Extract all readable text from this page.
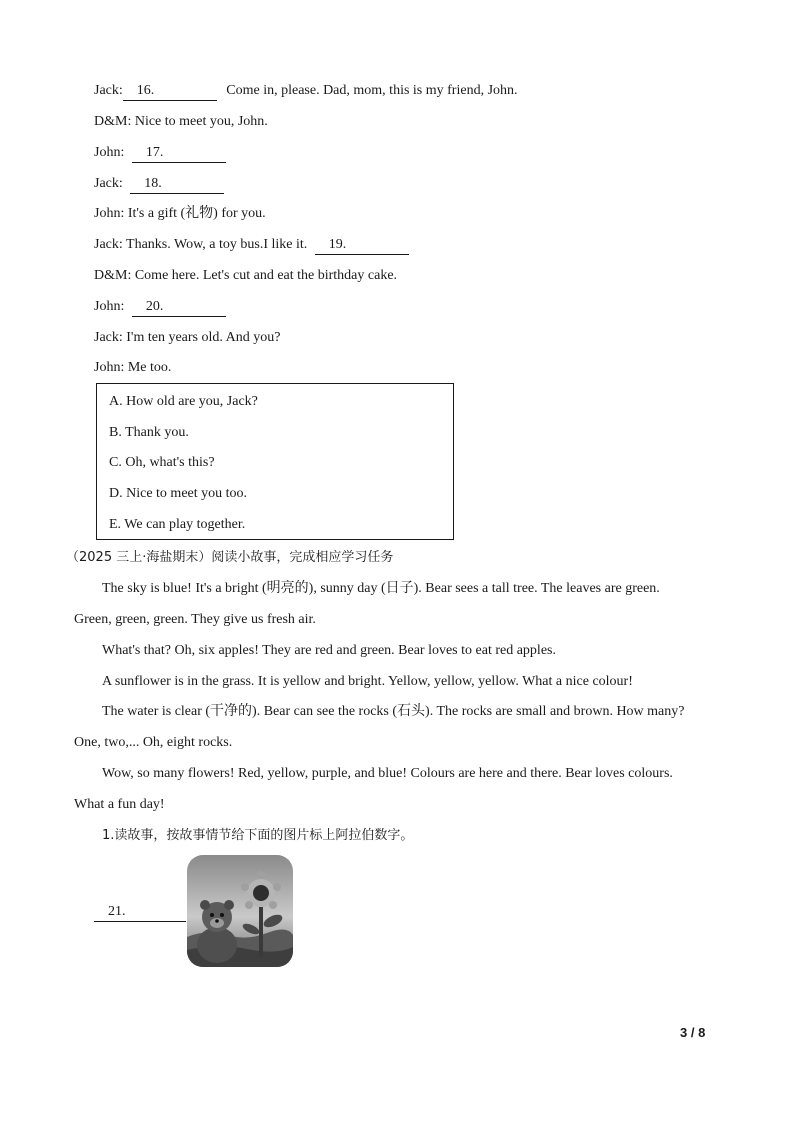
Jack: 16.	Come in, please. Dad, mom, this is my friend, John.
D&M: Nice to meet you, John.
John: 17.
Jack: 18.
John: It's a gift (礼物) for you.
Jack: Thanks. Wow, a toy bus.I like it. 19.
D&M: Come here. Let's cut and eat the birthday cake.
John: 20.
Jack: I'm ten years old. And you?
John: Me too.
A. How old are you, Jack?
B. Thank you.
C. Oh, what's this?
D. Nice to meet you too.
E. We can play together.
（2025 三上·海盐期末）阅读小故事，完成相应学习任务
The sky is blue! It's a bright (明亮的), sunny day (日子). Bear sees a tall tree. The leaves are green.
Green, green, green. They give us fresh air.
What's that? Oh, six apples! They are red and green. Bear loves to eat red apples.
A sunflower is in the grass. It is yellow and bright. Yellow, yellow, yellow. What a nice colour!
The water is clear (干净的). Bear can see the rocks (石头). The rocks are small and brown. How many?
One, two,... Oh, eight rocks.
Wow, so many flowers! Red, yellow, purple, and blue! Colours are here and there. Bear loves colours.
What a fun day!
1.读故事，按故事情节给下面的图片标上阿拉伯数字。
21.
3 / 8
